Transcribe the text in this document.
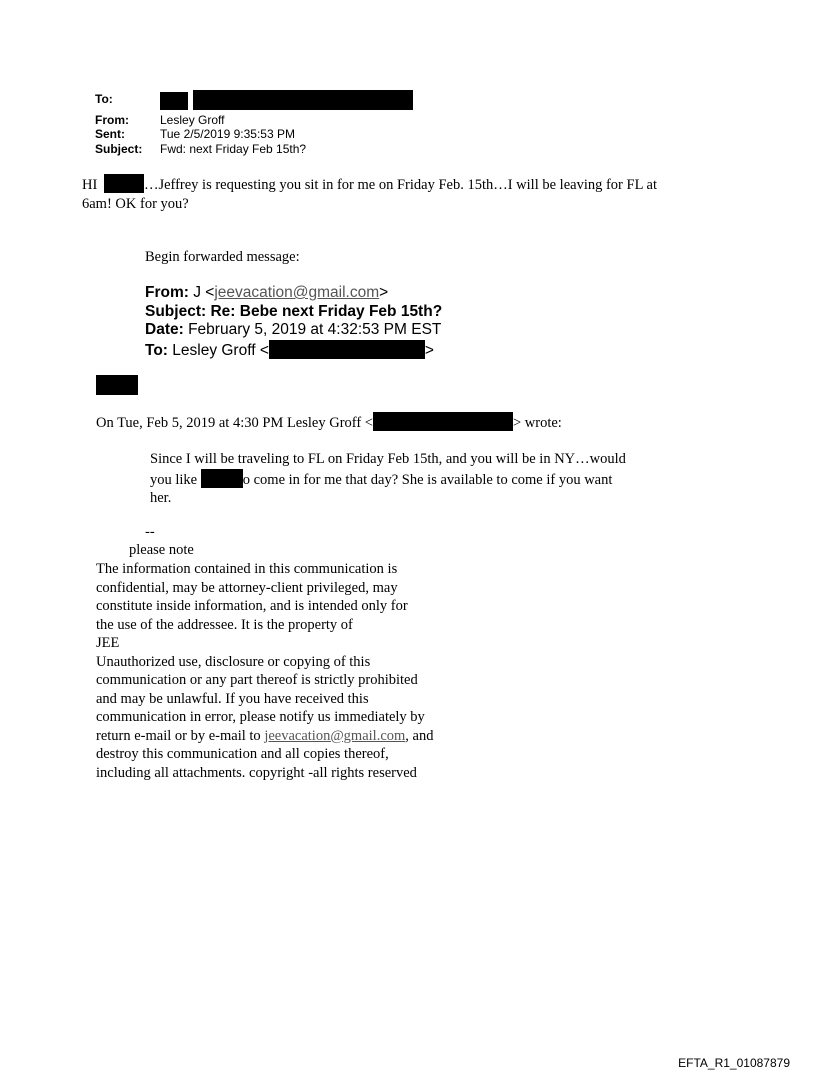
To:

From:	Lesley Groff
Sent:	Tue 2/5/2019 9:35:53 PM
Subject:	Fwd: next Friday Feb 15th?
HI	…Jeffrey is requesting you sit in for me on Friday Feb. 15th…I will be leaving for FL at
6am! OK for you?
Begin forwarded message:
From: J <jeevacation@gmail.com>
Subject: Re: Bebe next Friday Feb 15th?
Date: February 5, 2019 at 4:32:53 PM EST
To: Lesley Groff <	>
On Tue, Feb 5, 2019 at 4:30 PM Lesley Groff <	> wrote:
Since I will be traveling to FL on Friday Feb 15th, and you will be in NY…would
you like	o come in for me that day? She is available to come if you want
her.
--
please note
The information contained in this communication is
confidential, may be attorney-client privileged, may
constitute inside information, and is intended only for
the use of the addressee. It is the property of
JEE
Unauthorized use, disclosure or copying of this
communication or any part thereof is strictly prohibited
and may be unlawful. If you have received this
communication in error, please notify us immediately by
return e-mail or by e-mail to jeevacation@gmail.com, and
destroy this communication and all copies thereof,
including all attachments. copyright -all rights reserved
EFTA_R1_01087879
